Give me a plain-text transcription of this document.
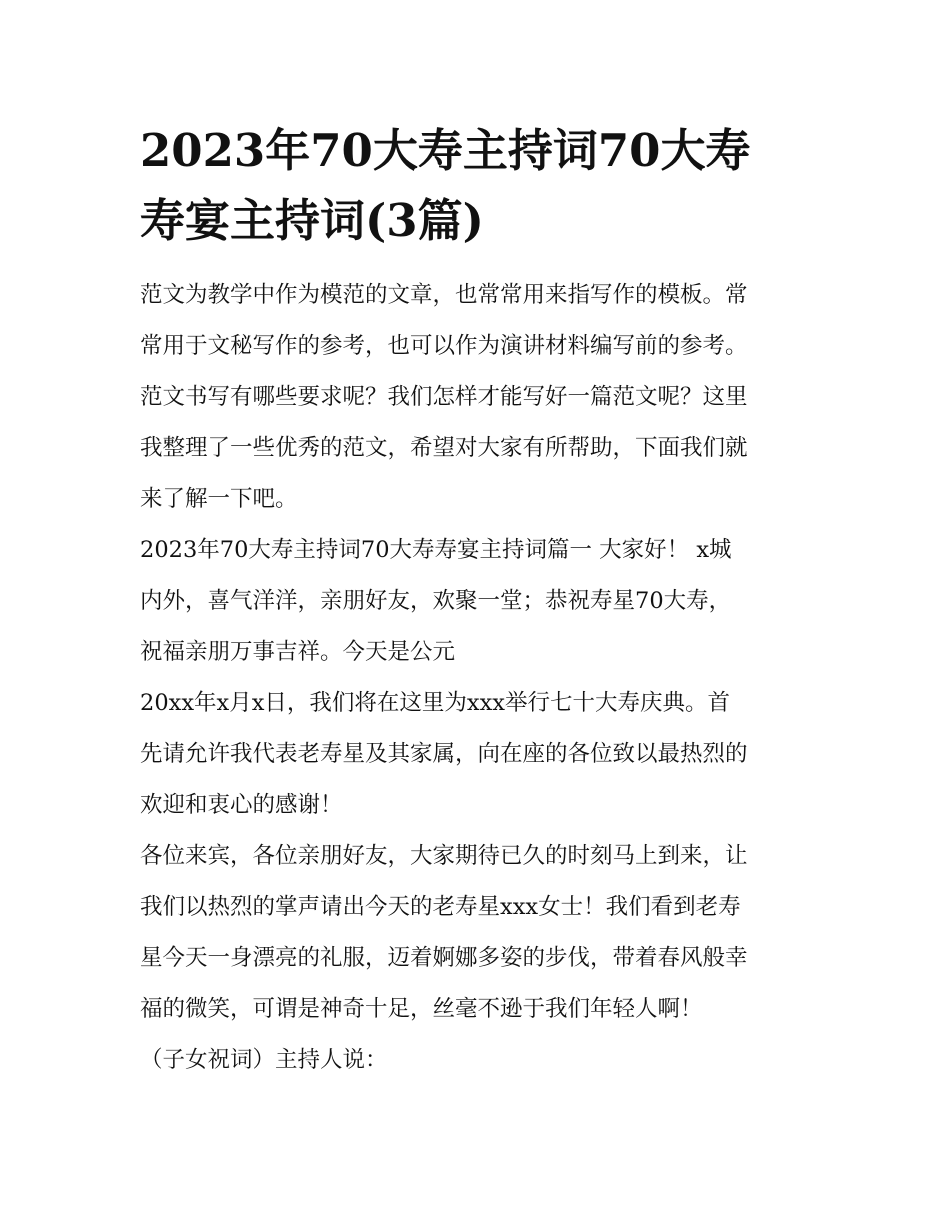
2023年70大寿主持词70大寿
寿宴主持词(3篇)

范文为教学中作为模范的文章，也常常用来指写作的模板。常
常用于文秘写作的参考，也可以作为演讲材料编写前的参考。
范文书写有哪些要求呢？我们怎样才能写好一篇范文呢？这里
我整理了一些优秀的范文，希望对大家有所帮助，下面我们就
来了解一下吧。

2023年70大寿主持词70大寿寿宴主持词篇一 大家好！ x城
内外，喜气洋洋，亲朋好友，欢聚一堂；恭祝寿星70大寿，
祝福亲朋万事吉祥。今天是公元

20xx年x月x日，我们将在这里为xxx举行七十大寿庆典。首
先请允许我代表老寿星及其家属，向在座的各位致以最热烈的
欢迎和衷心的感谢！

各位来宾，各位亲朋好友，大家期待已久的时刻马上到来，让
我们以热烈的掌声请出今天的老寿星xxx女士！我们看到老寿
星今天一身漂亮的礼服，迈着婀娜多姿的步伐，带着春风般幸
福的微笑，可谓是神奇十足，丝毫不逊于我们年轻人啊！

（子女祝词）主持人说：
